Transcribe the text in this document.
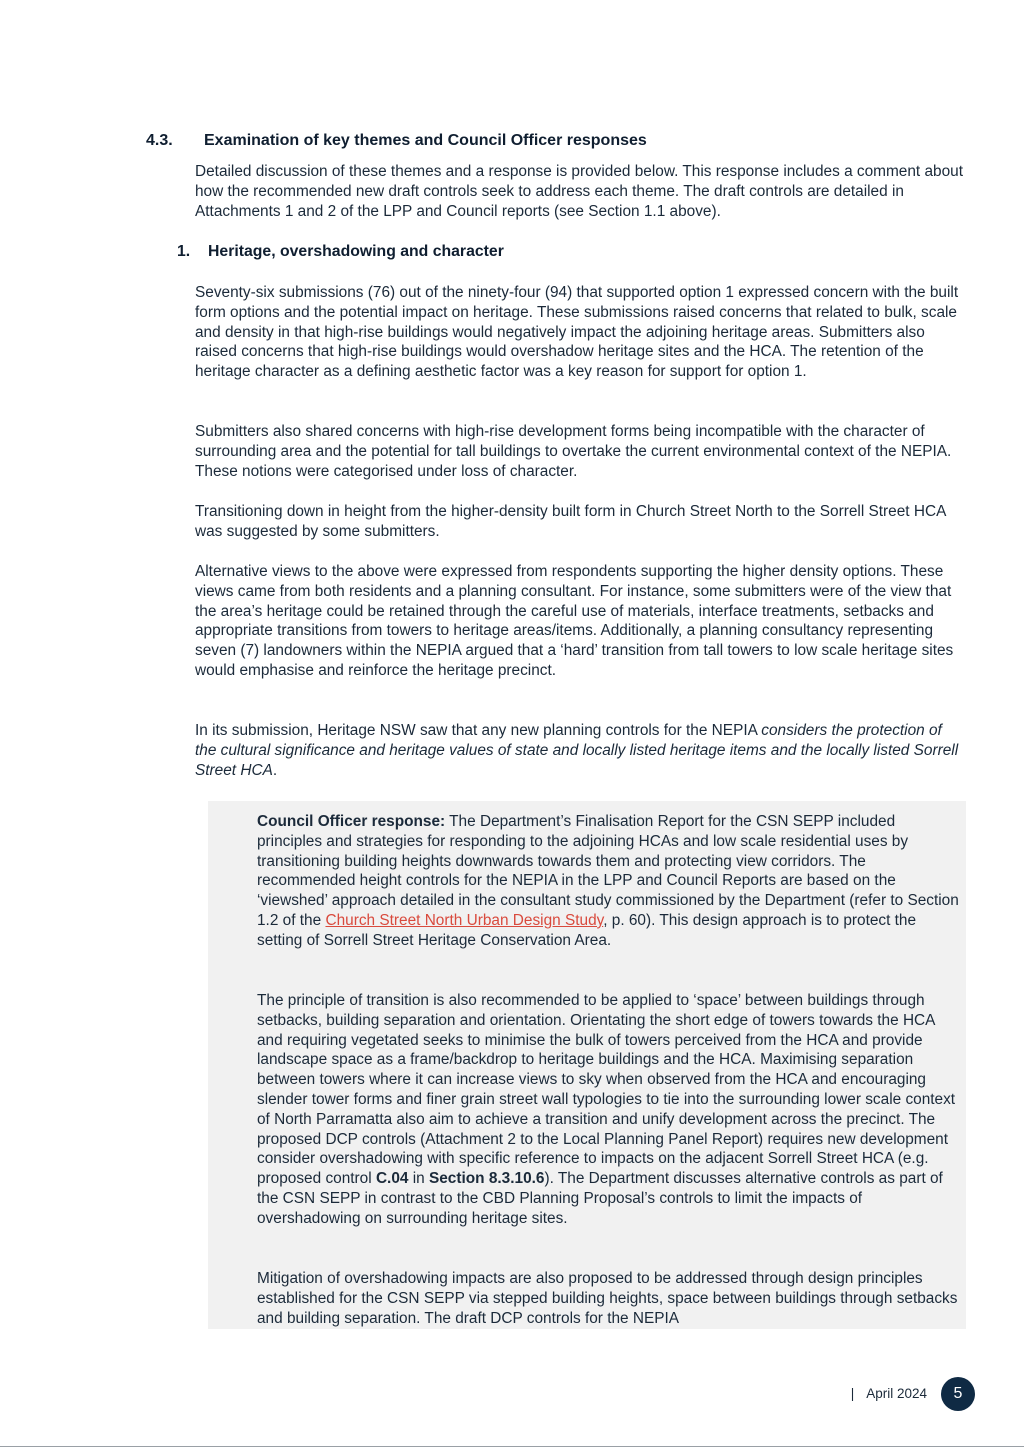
4.3. Examination of key themes and Council Officer responses

Detailed discussion of these themes and a response is provided below. This response includes a comment about how the recommended new draft controls seek to address each theme. The draft controls are detailed in Attachments 1 and 2 of the LPP and Council reports (see Section 1.1 above).

1. Heritage, overshadowing and character

Seventy-six submissions (76) out of the ninety-four (94) that supported option 1 expressed concern with the built form options and the potential impact on heritage. These submissions raised concerns that related to bulk, scale and density in that high-rise buildings would negatively impact the adjoining heritage areas. Submitters also raised concerns that high-rise buildings would overshadow heritage sites and the HCA. The retention of the heritage character as a defining aesthetic factor was a key reason for support for option 1.

Submitters also shared concerns with high-rise development forms being incompatible with the character of surrounding area and the potential for tall buildings to overtake the current environmental context of the NEPIA. These notions were categorised under loss of character.

Transitioning down in height from the higher-density built form in Church Street North to the Sorrell Street HCA was suggested by some submitters.

Alternative views to the above were expressed from respondents supporting the higher density options. These views came from both residents and a planning consultant. For instance, some submitters were of the view that the area’s heritage could be retained through the careful use of materials, interface treatments, setbacks and appropriate transitions from towers to heritage areas/items. Additionally, a planning consultancy representing seven (7) landowners within the NEPIA argued that a ‘hard’ transition from tall towers to low scale heritage sites would emphasise and reinforce the heritage precinct.

In its submission, Heritage NSW saw that any new planning controls for the NEPIA considers the protection of the cultural significance and heritage values of state and locally listed heritage items and the locally listed Sorrell Street HCA.

Council Officer response: The Department’s Finalisation Report for the CSN SEPP included principles and strategies for responding to the adjoining HCAs and low scale residential uses by transitioning building heights downwards towards them and protecting view corridors. The recommended height controls for the NEPIA in the LPP and Council Reports are based on the ‘viewshed’ approach detailed in the consultant study commissioned by the Department (refer to Section 1.2 of the Church Street North Urban Design Study, p. 60). This design approach is to protect the setting of Sorrell Street Heritage Conservation Area.

The principle of transition is also recommended to be applied to ‘space’ between buildings through setbacks, building separation and orientation. Orientating the short edge of towers towards the HCA and requiring vegetated seeks to minimise the bulk of towers perceived from the HCA and provide landscape space as a frame/backdrop to heritage buildings and the HCA. Maximising separation between towers where it can increase views to sky when observed from the HCA and encouraging slender tower forms and finer grain street wall typologies to tie into the surrounding lower scale context of North Parramatta also aim to achieve a transition and unify development across the precinct. The proposed DCP controls (Attachment 2 to the Local Planning Panel Report) requires new development consider overshadowing with specific reference to impacts on the adjacent Sorrell Street HCA (e.g. proposed control C.04 in Section 8.3.10.6). The Department discusses alternative controls as part of the CSN SEPP in contrast to the CBD Planning Proposal’s controls to limit the impacts of overshadowing on surrounding heritage sites.

Mitigation of overshadowing impacts are also proposed to be addressed through design principles established for the CSN SEPP via stepped building heights, space between buildings through setbacks and building separation. The draft DCP controls for the NEPIA

| April 2024	5
